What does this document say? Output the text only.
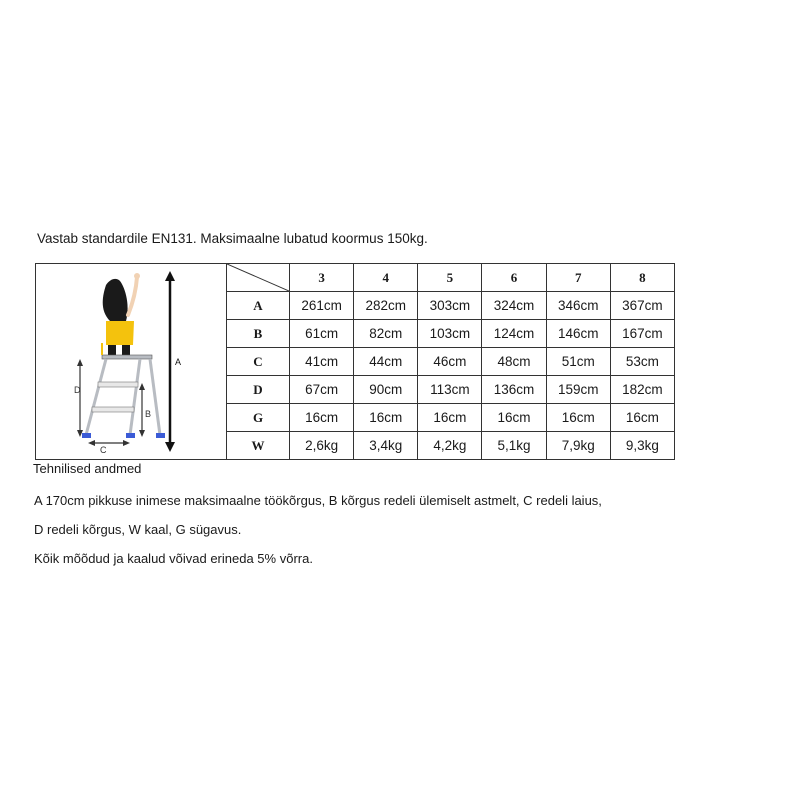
Vastab standardile EN131. Maksimaalne lubatud koormus 150kg.
A
D
B
C		3	4	5	6	7	8
	A	261cm	282cm	303cm	324cm	346cm	367cm
	B	61cm	82cm	103cm	124cm	146cm	167cm
	C	41cm	44cm	46cm	48cm	51cm	53cm
	D	67cm	90cm	113cm	136cm	159cm	182cm
	G	16cm	16cm	16cm	16cm	16cm	16cm
	W	2,6kg	3,4kg	4,2kg	5,1kg	7,9kg	9,3kg

Tehnilised andmed

A 170cm pikkuse inimese maksimaalne töökõrgus, B kõrgus redeli ülemiselt astmelt, C redeli laius,

D redeli kõrgus, W kaal, G sügavus.

Kõik mõõdud ja kaalud võivad erineda 5% võrra.
